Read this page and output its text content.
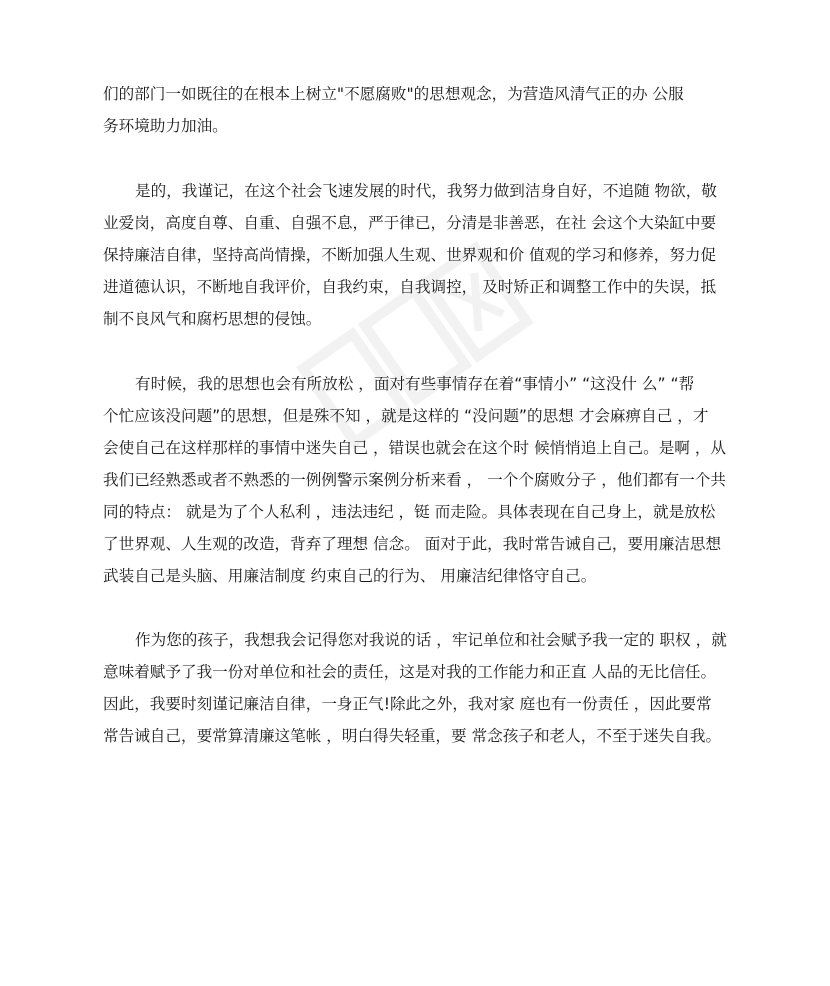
们的部门一如既往的在根本上树立"不愿腐败"的思想观念，为营造风清气正的办 公服
务环境助力加油。
是的，我谨记，在这个社会飞速发展的时代，我努力做到洁身自好，不追随 物欲，敬
业爱岗，高度自尊、自重、自强不息，严于律已，分清是非善恶，在社 会这个大染缸中要
保持廉洁自律，坚持高尚情操，不断加强人生观、世界观和价 值观的学习和修养，努力促
进道德认识，不断地自我评价，自我约束，自我调控， 及时矫正和调整工作中的失误，抵
制不良风气和腐朽思想的侵蚀。
有时候，我的思想也会有所放松 ，面对有些事情存在着“事情小” “这没什 么” “帮
个忙应该没问题”的思想，但是殊不知 ，就是这样的 “没问题”的思想 才会麻痹自己 ，才
会使自己在这样那样的事情中迷失自己 ，错误也就会在这个时 候悄悄追上自己。是啊 ，从
我们已经熟悉或者不熟悉的一例例警示案例分析来看 ， 一个个腐败分子 ，他们都有一个共
同的特点： 就是为了个人私利 ，违法违纪 ，铤 而走险。具体表现在自己身上，就是放松
了世界观、人生观的改造，背弃了理想 信念。 面对于此，我时常告诫自己，要用廉洁思想
武装自己是头脑、用廉洁制度 约束自己的行为、 用廉洁纪律恪守自己。
作为您的孩子，我想我会记得您对我说的话 ，牢记单位和社会赋予我一定的 职权 ，就
意味着赋予了我一份对单位和社会的责任，这是对我的工作能力和正直 人品的无比信任。
因此，我要时刻谨记廉洁自律，一身正气!除此之外，我对家 庭也有一份责任 ，因此要常
常告诫自己，要常算清廉这笔帐 ，明白得失轻重，要 常念孩子和老人，不至于迷失自我。
